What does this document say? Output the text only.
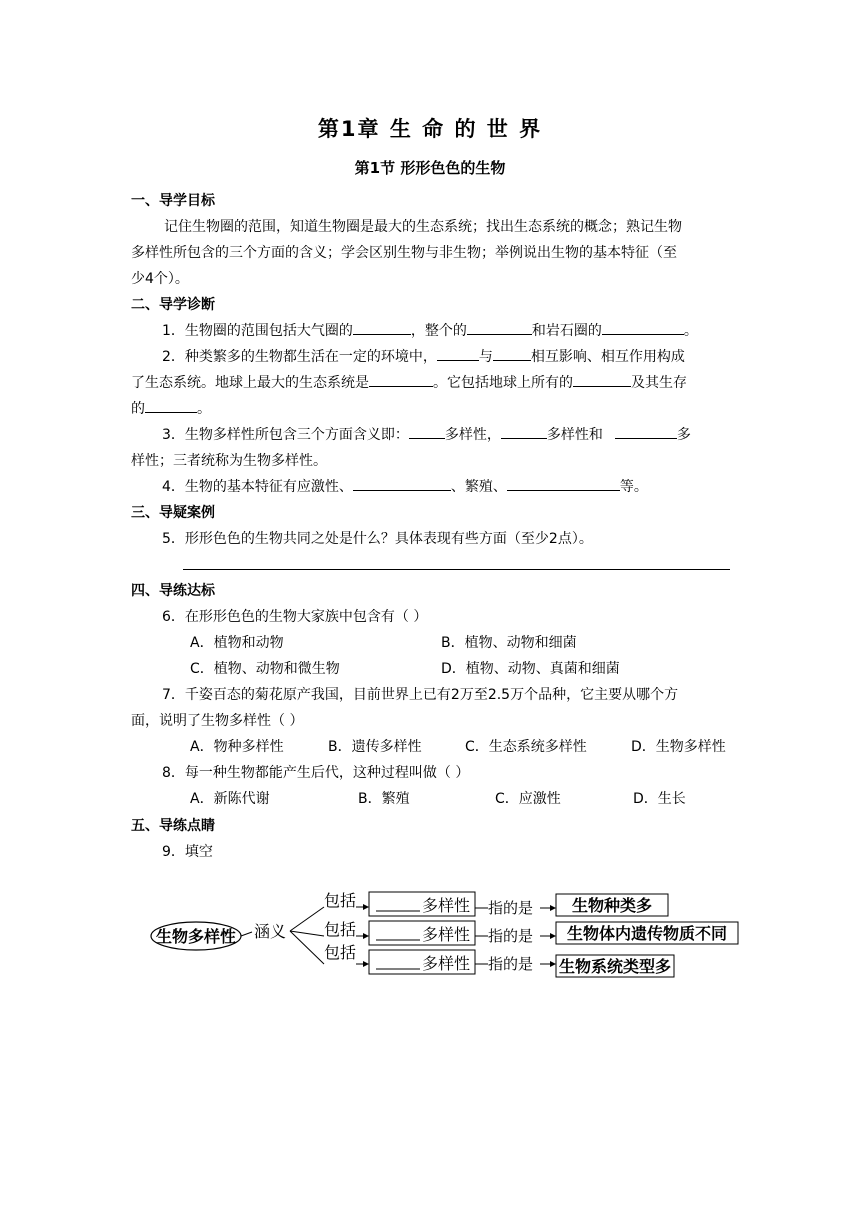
第1章 生 命 的 世 界
第1节 形形色色的生物
一、导学目标
记住生物圈的范围，知道生物圈是最大的生态系统；找出生态系统的概念；熟记生物
多样性所包含的三个方面的含义；学会区别生物与非生物；举例说出生物的基本特征（至
少4个）。
二、导学诊断
1．生物圈的范围包括大气圈的	，整个的	和岩石圈的	。
2．种类繁多的生物都生活在一定的环境中，	与	相互影响、相互作用构成
了生态系统。地球上最大的生态系统是	。它包括地球上所有的	及其生存
的	。
3．生物多样性所包含三个方面含义即：	多样性，	多样性和	多
样性；三者统称为生物多样性。
4．生物的基本特征有应激性、	、繁殖、	等。
三、导疑案例
5．形形色色的生物共同之处是什么？具体表现有些方面（至少2点）。
四、导练达标
6．在形形色色的生物大家族中包含有（ ）
A．植物和动物	B．植物、动物和细菌
C．植物、动物和微生物	D．植物、动物、真菌和细菌
7．千姿百态的菊花原产我国，目前世界上已有2万至2.5万个品种，它主要从哪个方
面，说明了生物多样性（ ）
A．物种多样性	B．遗传多样性	C．生态系统多样性	D．生物多样性
8．每一种生物都能产生后代，这种过程叫做（ ）
A．新陈代谢	B．繁殖	C．应激性	D．生长
五、导练点睛
9．填空
生物多样性 涵义
包括
包括
包括
多样性
多样性
多样性
指的是
指的是
指的是
生物种类多
生物体内遗传物质不同
生物系统类型多
